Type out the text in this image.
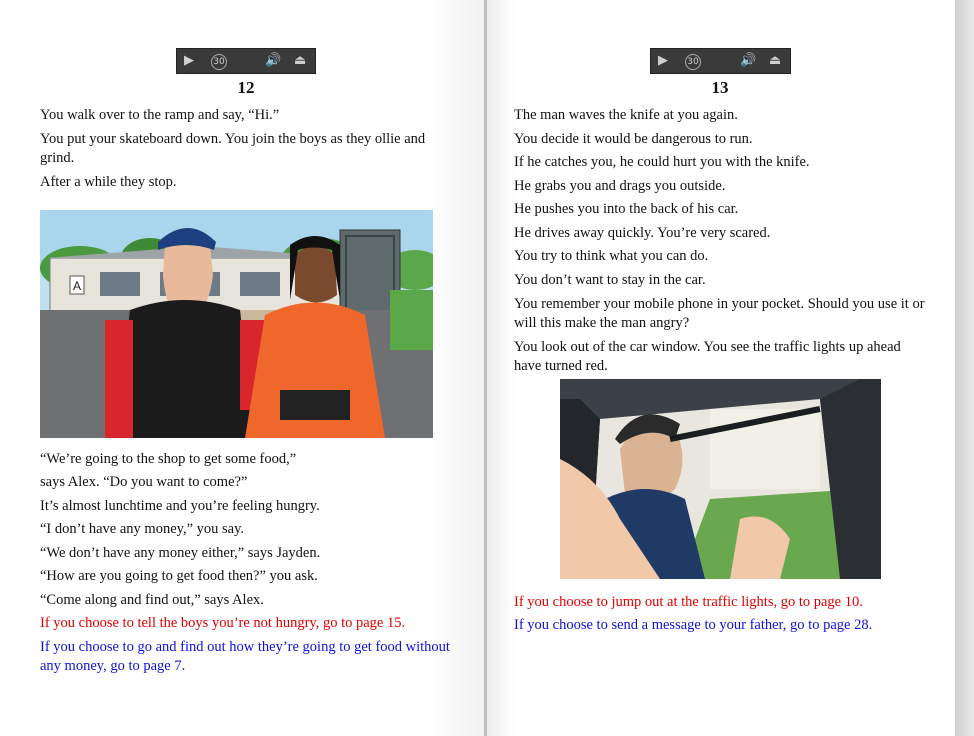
▶ 30	🔊 ⏏
12
You walk over to the ramp and say, “Hi.”
You put your skateboard down. You join the boys as they ollie and
grind.
After a while they stop.
A
“We’re going to the shop to get some food,”
says Alex. “Do you want to come?”
It’s almost lunchtime and you’re feeling hungry.
“I don’t have any money,” you say.
“We don’t have any money either,” says Jayden.
“How are you going to get food then?” you ask.
“Come along and find out,” says Alex.
If you choose to tell the boys you’re not hungry, go to page 15.
If you choose to go and find out how they’re going to get food without
any money, go to page 7.
▶ 30	🔊 ⏏
13
The man waves the knife at you again.
You decide it would be dangerous to run.
If he catches you, he could hurt you with the knife.
He grabs you and drags you outside.
He pushes you into the back of his car.
He drives away quickly. You’re very scared.
You try to think what you can do.
You don’t want to stay in the car.
You remember your mobile phone in your pocket. Should you use it or
will this make the man angry?
You look out of the car window. You see the traffic lights up ahead
have turned red.
If you choose to jump out at the traffic lights, go to page 10.
If you choose to send a message to your father, go to page 28.
